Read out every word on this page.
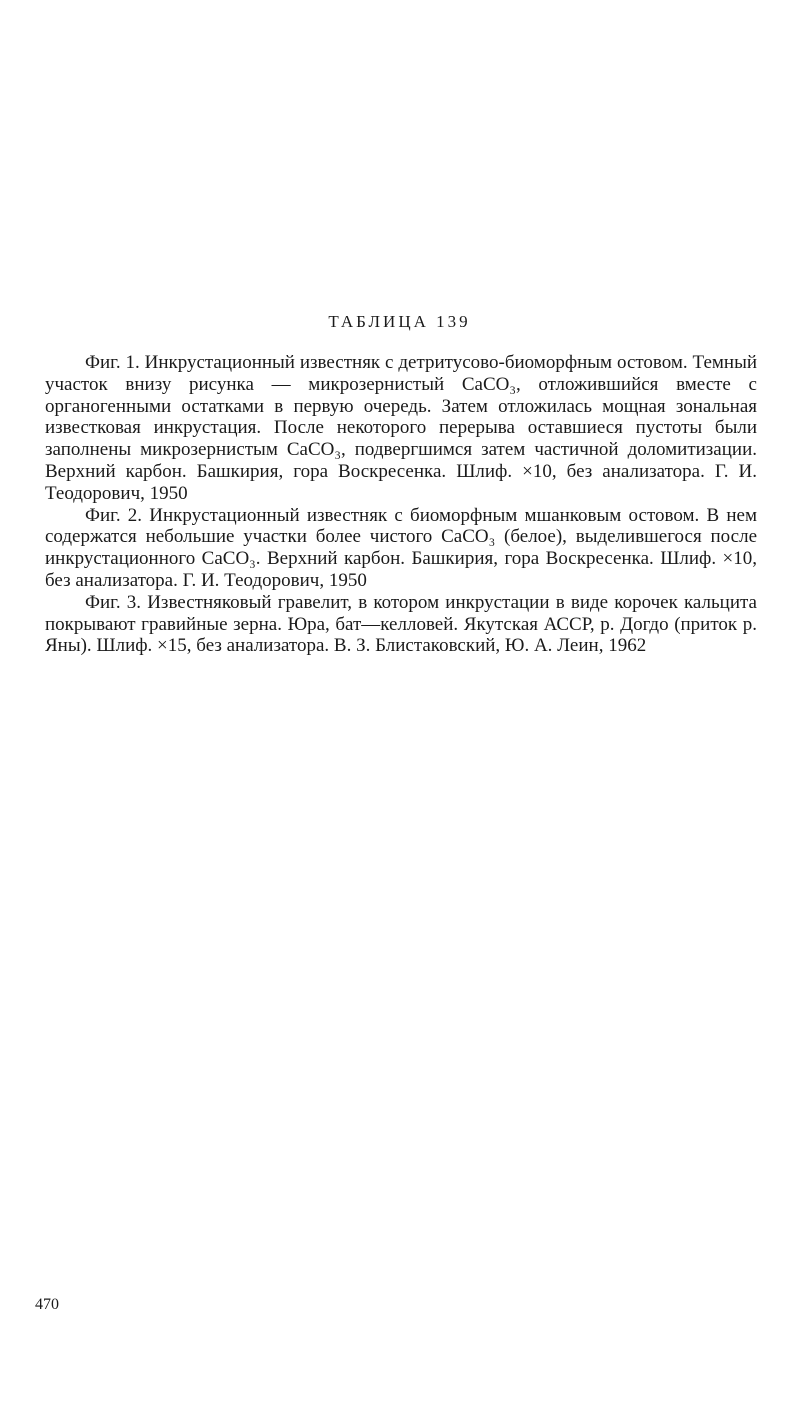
ТАБЛИЦА 139

Фиг. 1. Инкрустационный известняк с детритусово-биоморфным остовом. Темный участок внизу рисунка — микрозернистый CaCO₃, отложившийся вместе с органогенными остатками в первую очередь. Затем отложилась мощная зональная известковая инкрустация. После некоторого перерыва оставшиеся пустоты были заполнены микрозернистым CaCO₃, подвергшимся затем частичной доломитизации. Верхний карбон. Башкирия, гора Воскресенка. Шлиф. ×10, без анализатора. Г. И. Теодорович, 1950

Фиг. 2. Инкрустационный известняк с биоморфным мшанковым остовом. В нем содержатся небольшие участки более чистого CaCO₃ (белое), выделившегося после инкрустационного CaCO₃. Верхний карбон. Башкирия, гора Воскресенка. Шлиф. ×10, без анализатора. Г. И. Теодорович, 1950

Фиг. 3. Известняковый гравелит, в котором инкрустации в виде корочек кальцита покрывают гравийные зерна. Юра, бат—келловей. Якутская АССР, р. Догдо (приток р. Яны). Шлиф. ×15, без анализатора. В. З. Блистаковский, Ю. А. Леин, 1962

470
